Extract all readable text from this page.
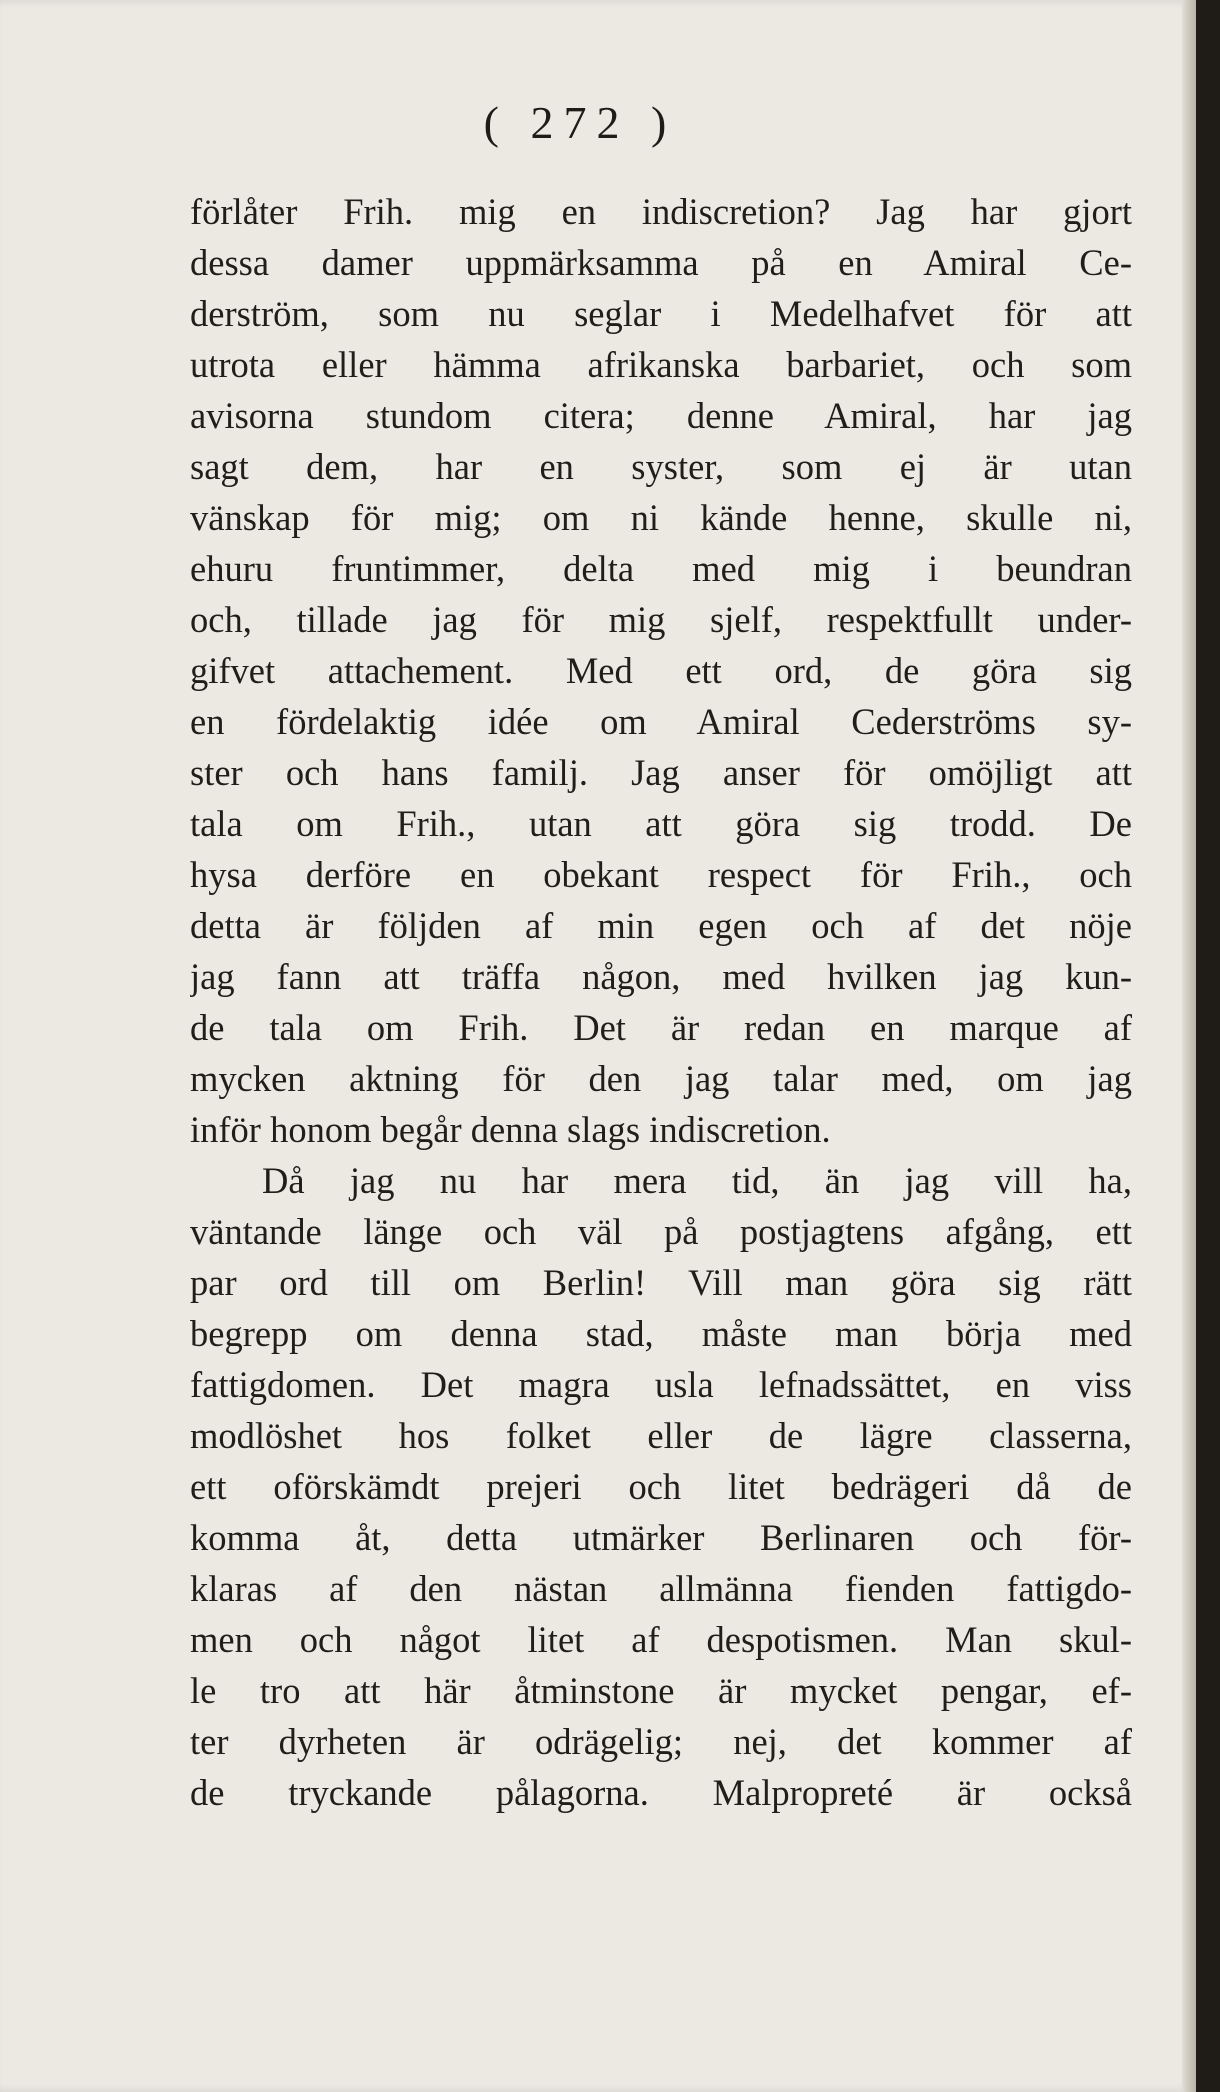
( 272 )
förlåter Frih. mig en indiscretion? Jag har gjort
dessa damer uppmärksamma på en Amiral Ce-
derström, som nu seglar i Medelhafvet för att
utrota eller hämma afrikanska barbariet, och som
avisorna stundom citera; denne Amiral, har jag
sagt dem, har en syster, som ej är utan
vänskap för mig; om ni kände henne, skulle ni,
ehuru fruntimmer, delta med mig i beundran
och, tillade jag för mig sjelf, respektfullt under-
gifvet attachement. Med ett ord, de göra sig
en fördelaktig idée om Amiral Cederströms sy-
ster och hans familj. Jag anser för omöjligt att
tala om Frih., utan att göra sig trodd. De
hysa derföre en obekant respect för Frih., och
detta är följden af min egen och af det nöje
jag fann att träffa någon, med hvilken jag kun-
de tala om Frih. Det är redan en marque af
mycken aktning för den jag talar med, om jag
inför honom begår denna slags indiscretion.
Då jag nu har mera tid, än jag vill ha,
väntande länge och väl på postjagtens afgång, ett
par ord till om Berlin! Vill man göra sig rätt
begrepp om denna stad, måste man börja med
fattigdomen. Det magra usla lefnadssättet, en viss
modlöshet hos folket eller de lägre classerna,
ett oförskämdt prejeri och litet bedrägeri då de
komma åt, detta utmärker Berlinaren och för-
klaras af den nästan allmänna fienden fattigdo-
men och något litet af despotismen. Man skul-
le tro att här åtminstone är mycket pengar, ef-
ter dyrheten är odrägelig; nej, det kommer af
de tryckande pålagorna. Malpropreté är också
